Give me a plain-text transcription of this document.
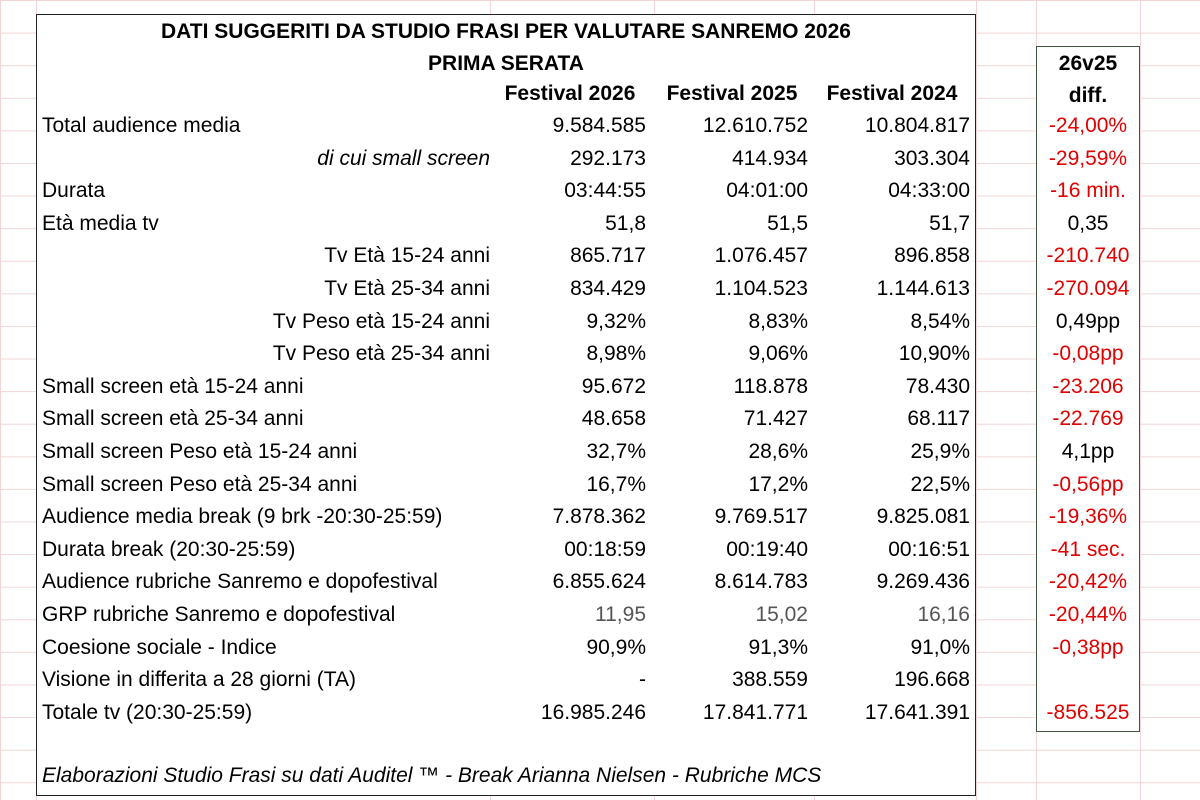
DATI SUGGERITI DA STUDIO FRASI PER VALUTARE SANREMO 2026
PRIMA SERATA
Festival 2026	Festival 2025	Festival 2024
26v25
diff.
Total audience media	9.584.585	12.610.752	10.804.817	-24,00%
di cui small screen	292.173	414.934	303.304	-29,59%
Durata	03:44:55	04:01:00	04:33:00	-16 min.
Età media tv	51,8	51,5	51,7	0,35
Tv Età 15-24 anni	865.717	1.076.457	896.858	-210.740
Tv Età 25-34 anni	834.429	1.104.523	1.144.613	-270.094
Tv Peso età 15-24 anni	9,32%	8,83%	8,54%	0,49pp
Tv Peso età 25-34 anni	8,98%	9,06%	10,90%	-0,08pp
Small screen età 15-24 anni	95.672	118.878	78.430	-23.206
Small screen età 25-34 anni	48.658	71.427	68.117	-22.769
Small screen Peso età 15-24 anni	32,7%	28,6%	25,9%	4,1pp
Small screen Peso età 25-34 anni	16,7%	17,2%	22,5%	-0,56pp
Audience media break (9 brk -20:30-25:59)	7.878.362	9.769.517	9.825.081	-19,36%
Durata break (20:30-25:59)	00:18:59	00:19:40	00:16:51	-41 sec.
Audience rubriche Sanremo e dopofestival	6.855.624	8.614.783	9.269.436	-20,42%
GRP rubriche Sanremo e dopofestival	11,95	15,02	16,16	-20,44%
Coesione sociale - Indice	90,9%	91,3%	91,0%	-0,38pp
Visione in differita a 28 giorni (TA)	-	388.559	196.668
Totale tv (20:30-25:59)	16.985.246	17.841.771	17.641.391	-856.525
Elaborazioni Studio Frasi su dati Auditel ™ - Break Arianna Nielsen - Rubriche MCS
